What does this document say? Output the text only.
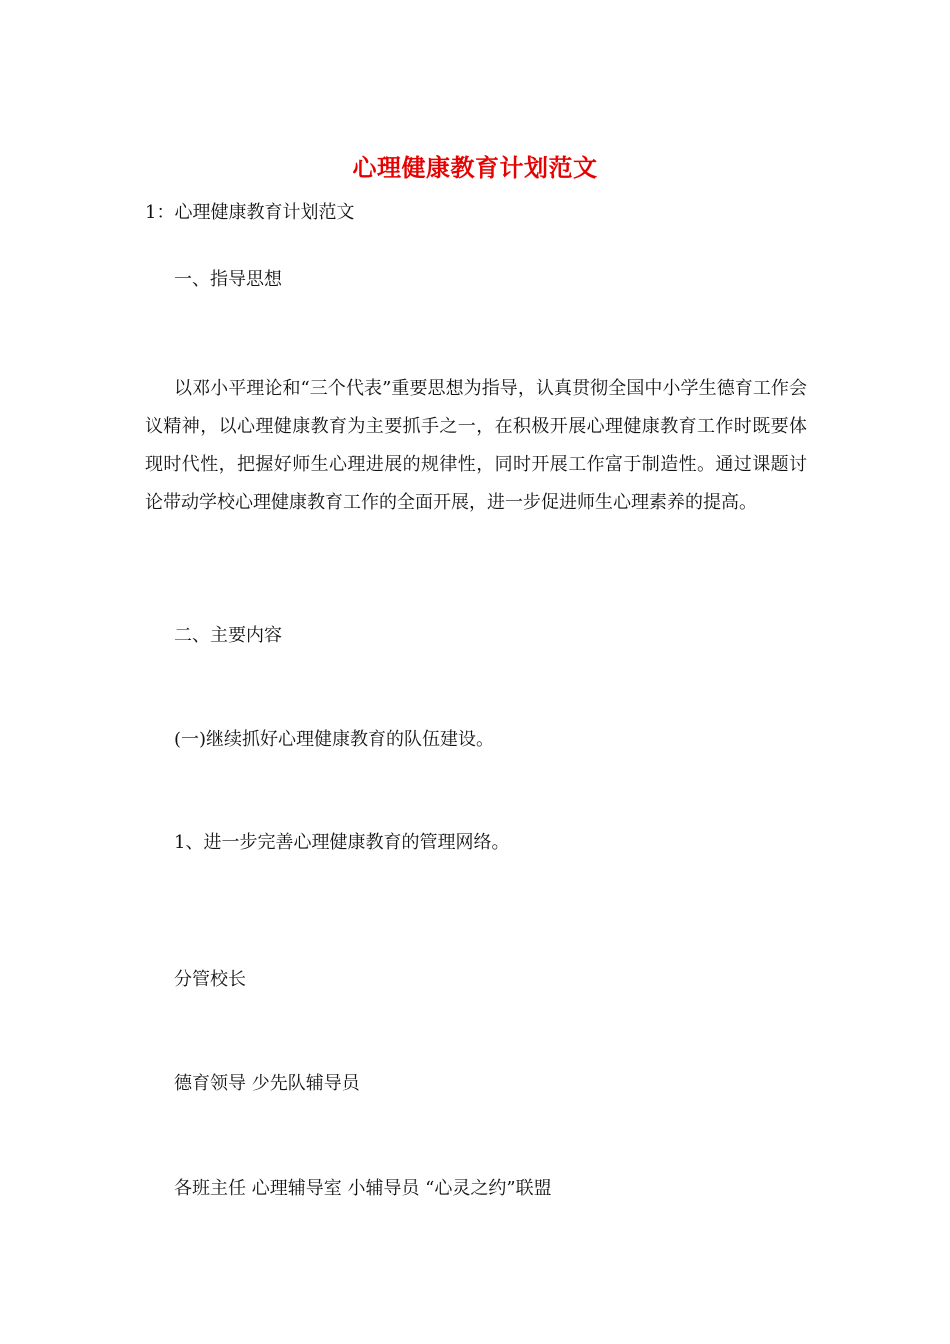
心理健康教育计划范文
1：心理健康教育计划范文
一、指导思想
以邓小平理论和“三个代表”重要思想为指导，认真贯彻全国中小学生德育工作会议精神，以心理健康教育为主要抓手之一，在积极开展心理健康教育工作时既要体现时代性，把握好师生心理进展的规律性，同时开展工作富于制造性。通过课题讨论带动学校心理健康教育工作的全面开展，进一步促进师生心理素养的提高。
二、主要内容
(一)继续抓好心理健康教育的队伍建设。
1、进一步完善心理健康教育的管理网络。
分管校长
德育领导 少先队辅导员
各班主任 心理辅导室 小辅导员 “心灵之约”联盟
